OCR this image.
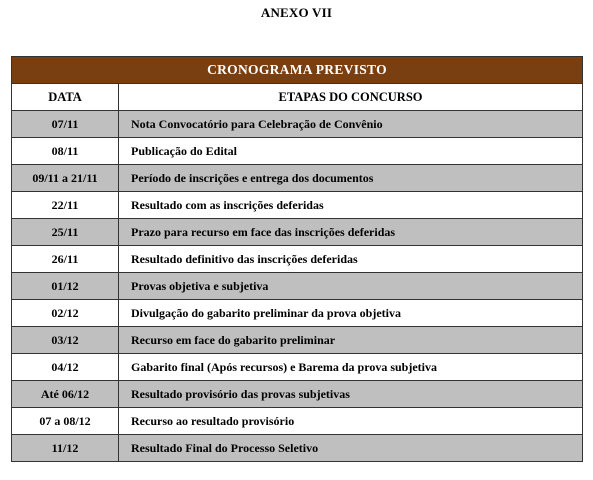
ANEXO VII
CRONOGRAMA PREVISTO	
DATA	ETAPAS DO CONCURSO
07/11	Nota Convocatório para Celebração de Convênio
08/11	Publicação do Edital
09/11 a 21/11	Período de inscrições e entrega dos documentos
22/11	Resultado com as inscrições deferidas
25/11	Prazo para recurso em face das inscrições deferidas
26/11	Resultado definitivo das inscrições deferidas
01/12	Provas objetiva e subjetiva
02/12	Divulgação do gabarito preliminar da prova objetiva
03/12	Recurso em face do gabarito preliminar
04/12	Gabarito final (Após recursos) e Barema da prova subjetiva
Até 06/12	Resultado provisório das provas subjetivas
07 a 08/12	Recurso ao resultado provisório
11/12	Resultado Final do Processo Seletivo
